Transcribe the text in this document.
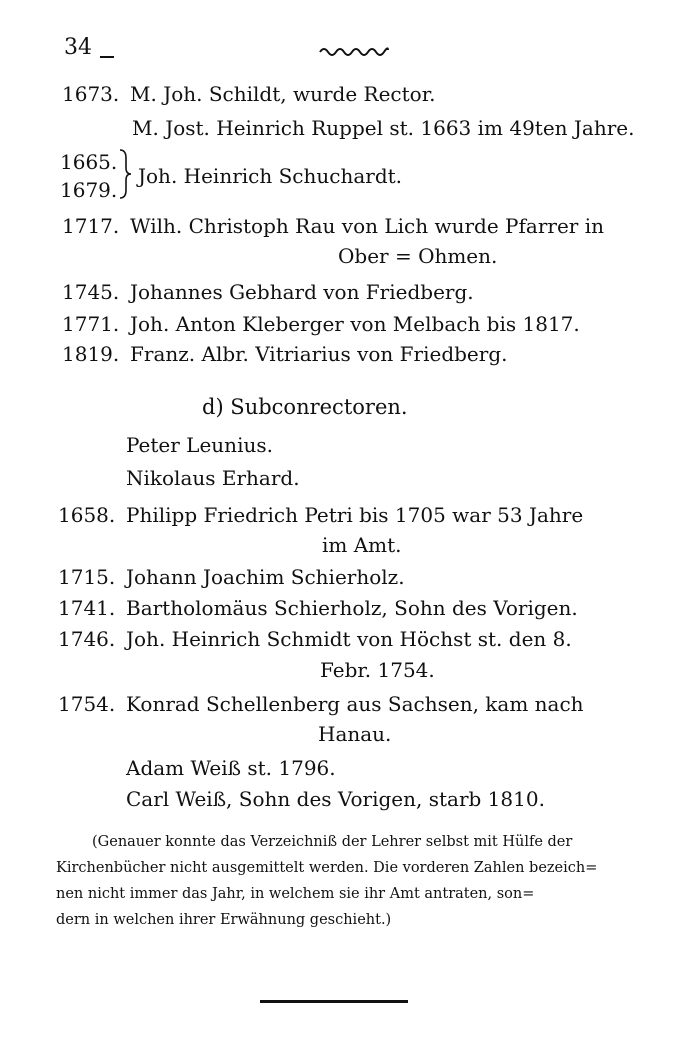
34
1673. M. Joh. Schildt, wurde Rector.
M. Jost. Heinrich Ruppel st. 1663 im 49ten Jahre.
1665.
1679.
Joh. Heinrich Schuchardt.
1717. Wilh. Christoph Rau von Lich wurde Pfarrer in
Ober = Ohmen.
1745. Johannes Gebhard von Friedberg.
1771. Joh. Anton Kleberger von Melbach bis 1817.
1819. Franz. Albr. Vitriarius von Friedberg.
d) Subconrectoren.
Peter Leunius.
Nikolaus Erhard.
1658. Philipp Friedrich Petri bis 1705 war 53 Jahre
im Amt.
1715. Johann Joachim Schierholz.
1741. Bartholomäus Schierholz, Sohn des Vorigen.
1746. Joh. Heinrich Schmidt von Höchst st. den 8.
Febr. 1754.
1754. Konrad Schellenberg aus Sachsen, kam nach
Hanau.
Adam Weiß st. 1796.
Carl Weiß, Sohn des Vorigen, starb 1810.
(Genauer konnte das Verzeichniß der Lehrer selbst mit Hülfe der
Kirchenbücher nicht ausgemittelt werden. Die vorderen Zahlen bezeich=
nen nicht immer das Jahr, in welchem sie ihr Amt antraten, son=
dern in welchen ihrer Erwähnung geschieht.)
